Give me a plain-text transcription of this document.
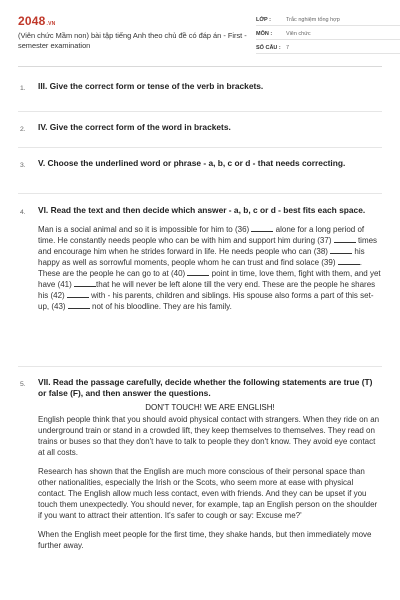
2048.VN
(Viên chức Mầm non) bài tập tiếng Anh theo chủ đề có đáp án - First - semester examination
LỚP :	Trắc nghiệm tổng hợp
MÔN :	Viên chức
SỐ CÂU : 7
1. III. Give the correct form or tense of the verb in brackets.
2. IV. Give the correct form of the word in brackets.
3. V. Choose the underlined word or phrase - a, b, c or d - that needs correcting.
4. VI. Read the text and then decide which answer - a, b, c or d - best fits each space.
Man is a social animal and so it is impossible for him to (36)	alone for a long period of time. He constantly needs people who can be with him and support him during (37)	times and encourage him when he strides forward in life. He needs people who can (38)	his happy as well as sorrowful moments, people whom he can trust and find solace (39)	. These are the people he can go to at (40)	point in time, love them, fight with them, and yet have (41)	that he will never be left alone till the very end. These are the people he shares his (42)	with - his parents, children and siblings. His spouse also forms a part of this set-up, (43)	not of his bloodline. They are his family.
5. VII. Read the passage carefully, decide whether the following statements are true (T) or false (F), and then answer the questions.
DON'T TOUCH! WE ARE ENGLISH!

English people think that you should avoid physical contact with strangers. When they ride on an underground train or stand in a crowded lift, they keep themselves to themselves. They read on trains or buses so that they don't have to talk to people they don't know. They avoid eye contact at all costs.

Research has shown that the English are much more conscious of their personal space than other nationalities, especially the Irish or the Scots, who seem more at ease with physical contact. The English allow much less contact, even with friends. And they can be upset if you touch them unexpectedly. You should never, for example, tap an English person on the shoulder if you want to attract their attention. It's safer to cough or say: Excuse me?'

When the English meet people for the first time, they shake hands, but then immediately move further away.
